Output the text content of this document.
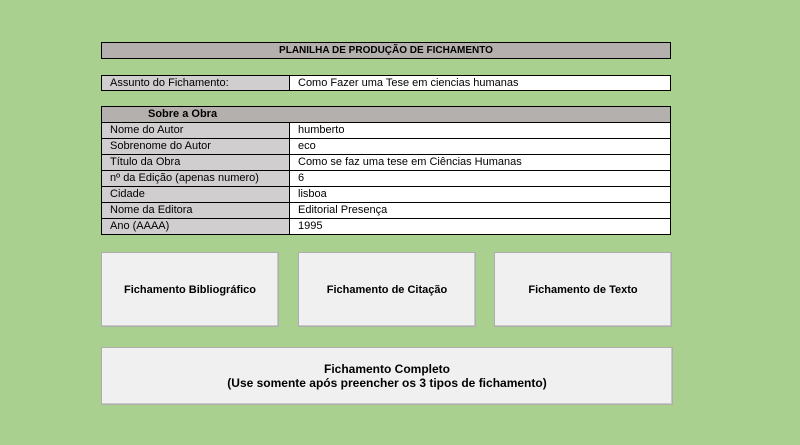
PLANILHA DE PRODUÇÃO DE FICHAMENTO
Assunto do Fichamento:	Como Fazer uma Tese em ciencias humanas
Sobre a Obra
Nome do Autor	humberto
Sobrenome do Autor	eco
Título da Obra	Como se faz uma tese em Ciências Humanas
nº da Edição (apenas numero)	6
Cidade	lisboa
Nome da Editora	Editorial Presença
Ano (AAAA)	1995
Fichamento Bibliográfico	Fichamento de Citação	Fichamento de Texto
Fichamento Completo
(Use somente após preencher os 3 tipos de fichamento)
